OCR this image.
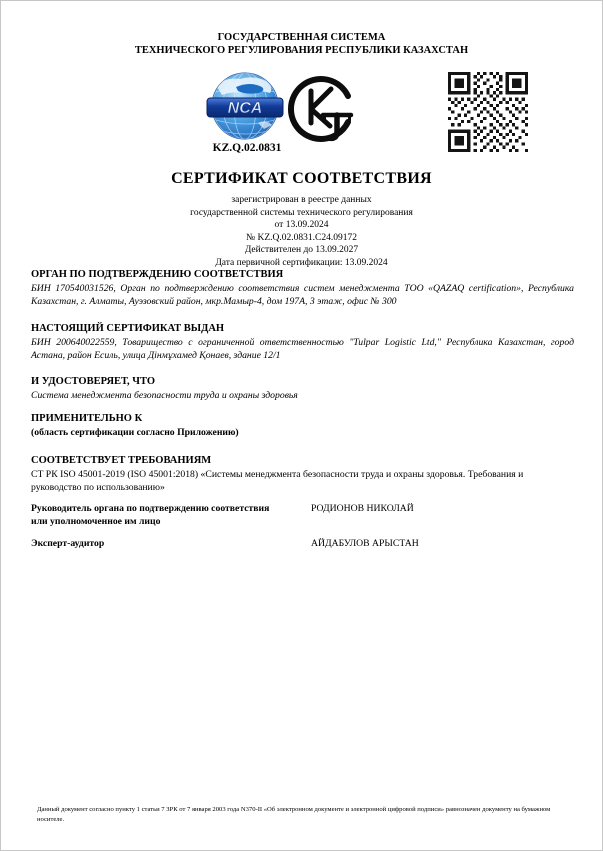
ГОСУДАРСТВЕННАЯ СИСТЕМА
ТЕХНИЧЕСКОГО РЕГУЛИРОВАНИЯ РЕСПУБЛИКИ КАЗАХСТАН
NCA
KZ.Q.02.0831
СЕРТИФИКАТ СООТВЕТСТВИЯ
зарегистрирован в реестре данных
государственной системы технического регулирования
от 13.09.2024
№ KZ.Q.02.0831.C24.09172
Действителен до 13.09.2027
Дата первичной сертификации: 13.09.2024
ОРГАН ПО ПОДТВЕРЖДЕНИЮ СООТВЕТСТВИЯ
БИН 170540031526, Орган по подтверждению соответствия систем менеджмента ТОО «QAZAQ certification», Республика Казахстан, г. Алматы, Ауэзовский район, мкр.Мамыр-4, дом 197А, 3 этаж, офис № 300
НАСТОЯЩИЙ СЕРТИФИКАТ ВЫДАН
БИН 200640022559, Товарищество с ограниченной ответственностью "Tulpar Logistic Ltd," Республика Казахстан, город Астана, район Есиль, улица Дінмұхамед Қонаев, здание 12/1
И УДОСТОВЕРЯЕТ, ЧТО
Система менеджмента безопасности труда и охраны здоровья
ПРИМЕНИТЕЛЬНО К
(область сертификации согласно Приложению)
СООТВЕТСТВУЕТ ТРЕБОВАНИЯМ
СТ РК ISO 45001-2019 (ISO 45001:2018) «Системы менеджмента безопасности труда и охраны здоровья. Требования и руководство по использованию»
Руководитель органа по подтверждению соответствия или уполномоченное им лицо
РОДИОНОВ НИКОЛАЙ
Эксперт-аудитор	АЙДАБУЛОВ АРЫСТАН
Данный документ согласно пункту 1 статьи 7 ЗРК от 7 января 2003 года N370-II «Об электронном документе и электронной цифровой подписи» равнозначен документу на бумажном носителе.
